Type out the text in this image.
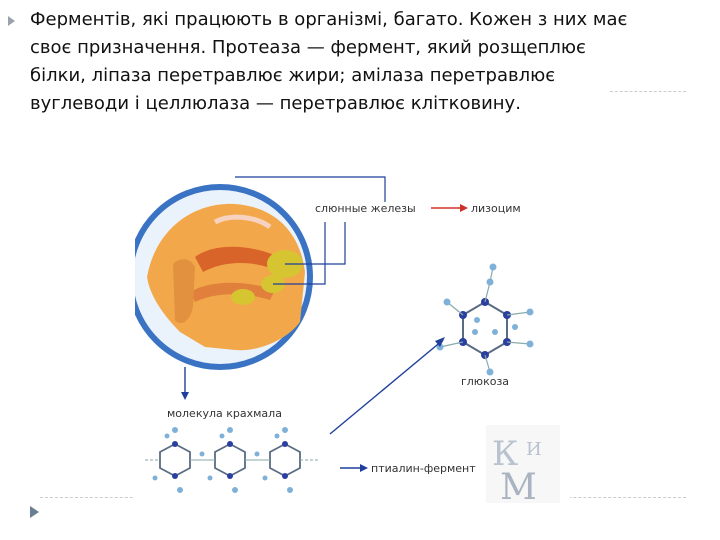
Ферментів, які працюють в організмі, багато. Кожен з них має
своє призначення. Протеаза — фермент, який розщеплює
білки, ліпаза перетравлює жири; амілаза перетравлює
вуглеводи і целлюлаза — перетравлює клітковину.
слюнные железы	лизоцим
глюкоза
молекула крахмала
птиалин-фермент К И
М
